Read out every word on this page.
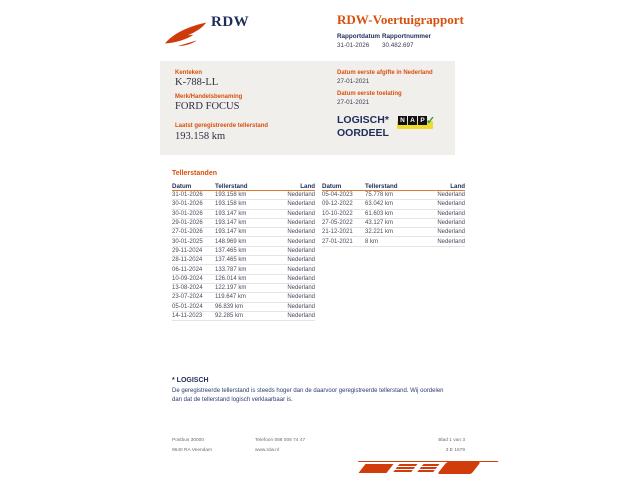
RDW	RDW-Voertuigrapport
Rapportdatum
31-01-2026
Rapportnummer
30.482.697
Kenteken
K-788-LL
Merk/Handelsbenaming
FORD FOCUS
Laatst geregistreerde tellerstand
193.158 km
Datum eerste afgifte in Nederland
27-01-2021
Datum eerste toelating
27-01-2021
LOGISCH*
OORDEEL
N A P ✓
Tellerstanden
Datum	Tellerstand	Land
31-01-2026	193.158 km	Nederland
30-01-2026	193.158 km	Nederland
30-01-2026	193.147 km	Nederland
29-01-2026	193.147 km	Nederland
27-01-2026	193.147 km	Nederland
30-01-2025	148.969 km	Nederland
29-11-2024	137.465 km	Nederland
28-11-2024	137.465 km	Nederland
06-11-2024	133.787 km	Nederland
10-09-2024	126.014 km	Nederland
13-08-2024	122.197 km	Nederland
23-07-2024	119.647 km	Nederland
05-01-2024	96.839 km	Nederland
14-11-2023	92.285 km	Nederland
Datum	Tellerstand	Land
05-04-2023	75.778 km	Nederland
09-12-2022	63.042 km	Nederland
10-10-2022	61.603 km	Nederland
27-05-2022	43.127 km	Nederland
21-12-2021	32.221 km	Nederland
27-01-2021	8 km	Nederland
* LOGISCH
De geregistreerde tellerstand is steeds hoger dan de daarvoor geregistreerde tellerstand. Wij oordelen dan dat de tellerstand logisch verklaarbaar is.
Postbus 30000
9640 RA Veendam
Telefoon 088 008 74 47
www.rdw.nl
Blad 1 van 3
3 E 1679
